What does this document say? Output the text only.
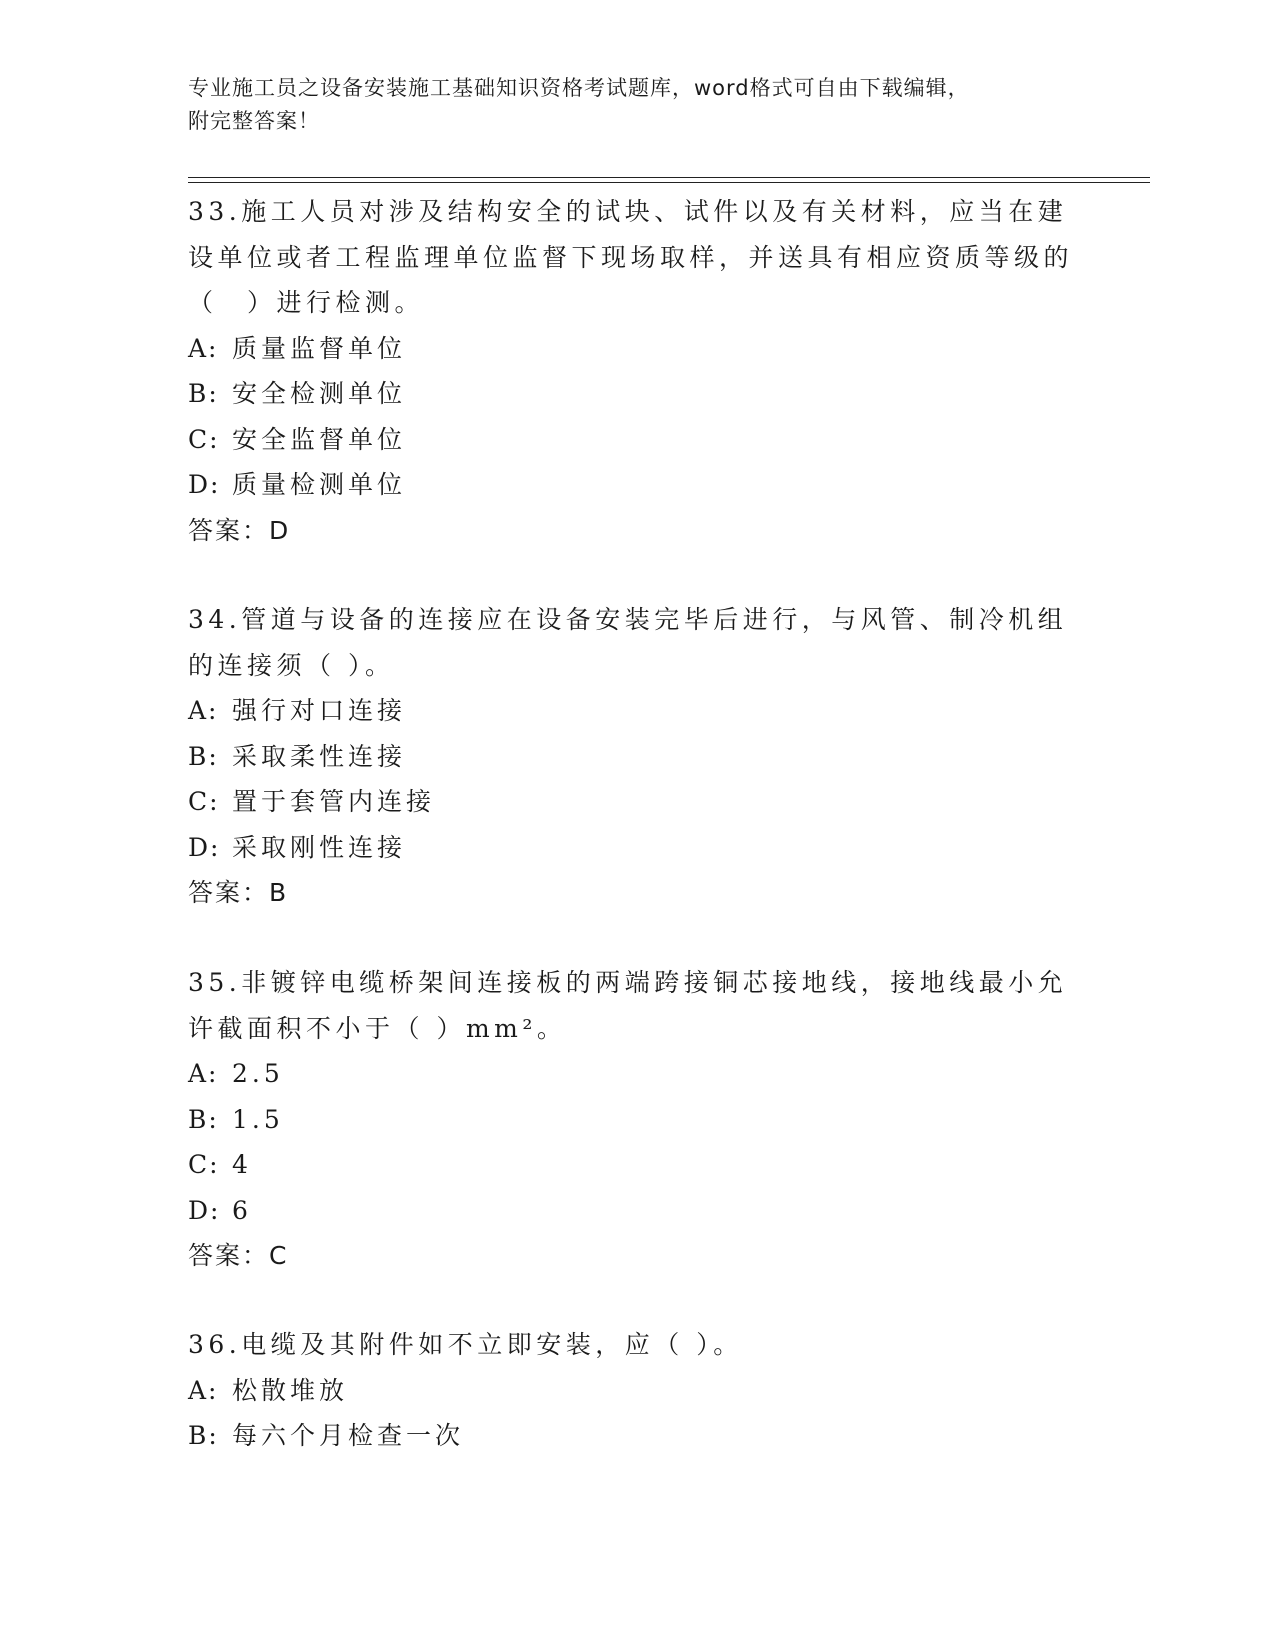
专业施工员之设备安装施工基础知识资格考试题库，word格式可自由下载编辑，
附完整答案！

33.施工人员对涉及结构安全的试块、试件以及有关材料，应当在建设单位或者工程监理单位监督下现场取样，并送具有相应资质等级的（　）进行检测。

A: 质量监督单位

B: 安全检测单位

C: 安全监督单位

D: 质量检测单位

答案：D

34.管道与设备的连接应在设备安装完毕后进行，与风管、制冷机组的连接须（ ）。

A: 强行对口连接

B: 采取柔性连接

C: 置于套管内连接

D: 采取刚性连接

答案：B

35.非镀锌电缆桥架间连接板的两端跨接铜芯接地线，接地线最小允许截面积不小于（ ）mm²。

A: 2.5

B: 1.5

C: 4

D: 6

答案：C

36.电缆及其附件如不立即安装，应（ ）。

A: 松散堆放

B: 每六个月检查一次
